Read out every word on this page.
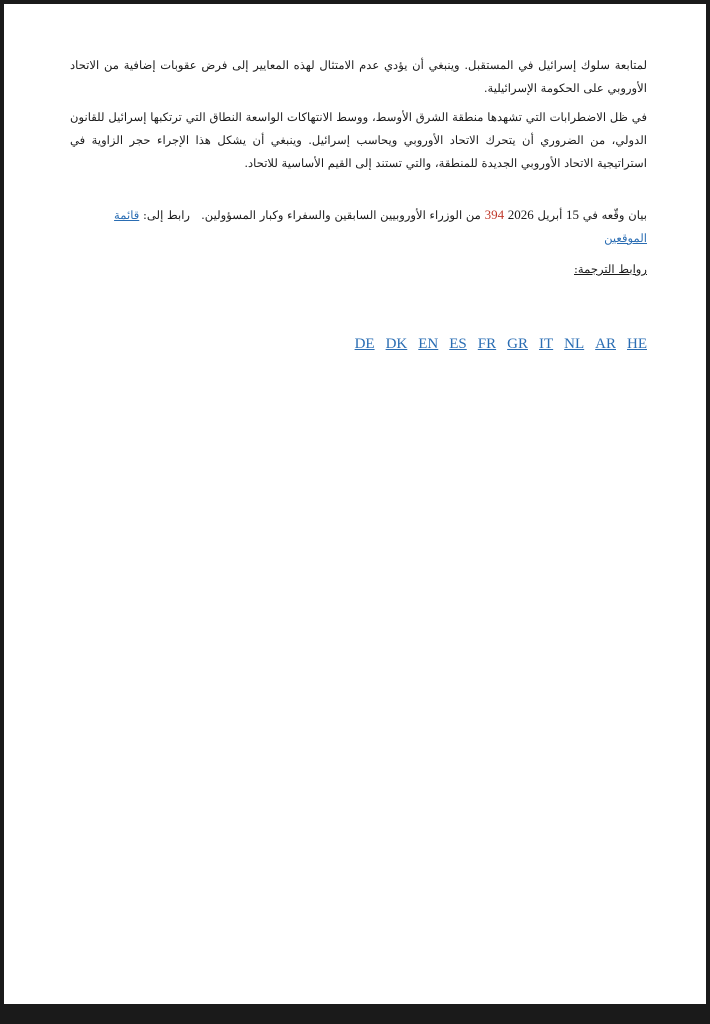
لمتابعة سلوك إسرائيل في المستقبل. وينبغي أن يؤدي عدم الامتثال لهذه المعايير إلى فرض عقوبات إضافية من الاتحاد الأوروبي على الحكومة الإسرائيلية.

في ظل الاضطرابات التي تشهدها منطقة الشرق الأوسط، ووسط الانتهاكات الواسعة النطاق التي ترتكبها إسرائيل للقانون الدولي، من الضروري أن يتحرك الاتحاد الأوروبي ويحاسب إسرائيل. وينبغي أن يشكل هذا الإجراء حجر الزاوية في استراتيجية الاتحاد الأوروبي الجديدة للمنطقة، والتي تستند إلى القيم الأساسية للاتحاد.

بيان وقّعه في 15 أبريل 2026 394 من الوزراء الأوروبيين السابقين والسفراء وكبار المسؤولين.   رابط إلى: قائمة الموقعين

روابط الترجمة:

DE DK EN ES FR GR IT NL AR HE
